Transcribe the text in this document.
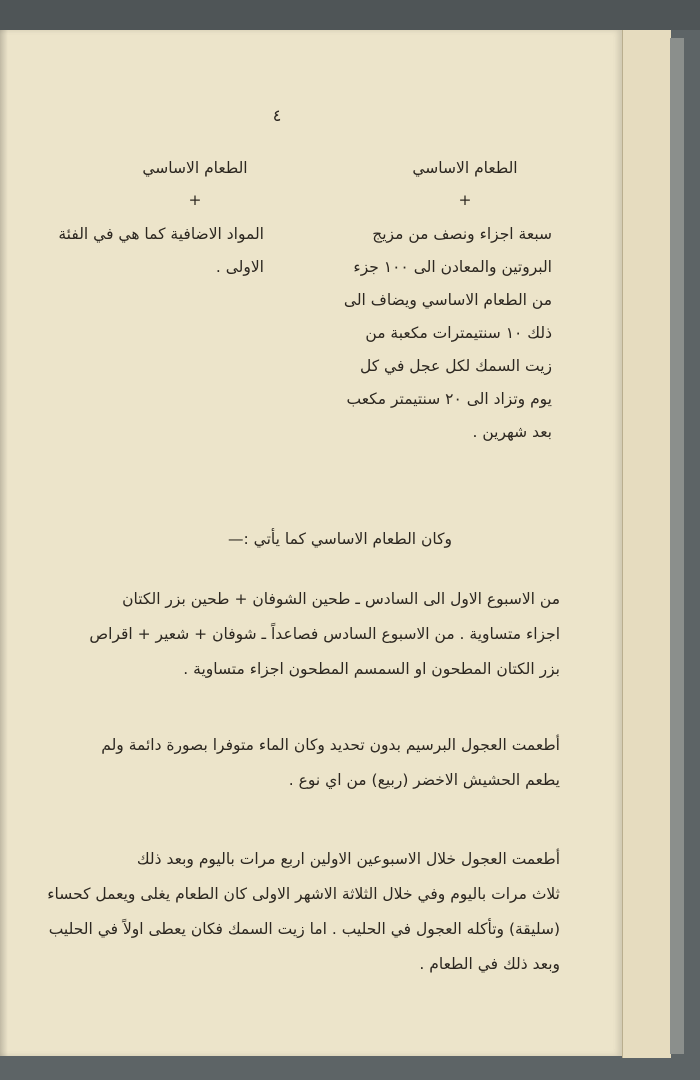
٤
الطعام الاساسي
+
سبعة اجزاء ونصف من مزيج
البروتين والمعادن الى ١٠٠ جزء
من الطعام الاساسي ويضاف الى
ذلك ١٠ سنتيمترات مكعبة من
زيت السمك لكل عجل في كل
يوم وتزاد الى ٢٠ سنتيمتر مكعب
بعد شهرين .
الطعام الاساسي
+
المواد الاضافية كما هي في الفئة
الاولى .
وكان الطعام الاساسي كما يأتي :—
من الاسبوع الاول الى السادس ـ طحين الشوفان + طحين بزر الكتان
اجزاء متساوية . من الاسبوع السادس فصاعداً ـ شوفان + شعير + اقراص
بزر الكتان المطحون او السمسم المطحون اجزاء متساوية .
أطعمت العجول البرسيم بدون تحديد وكان الماء متوفرا بصورة دائمة ولم
يطعم الحشيش الاخضر (ربيع) من اي نوع .
أطعمت العجول خلال الاسبوعين الاولين اربع مرات باليوم وبعد ذلك
ثلاث مرات باليوم وفي خلال الثلاثة الاشهر الاولى كان الطعام يغلى ويعمل كحساء
(سليقة) وتأكله العجول في الحليب . اما زيت السمك فكان يعطى اولاً في الحليب
وبعد ذلك في الطعام .
